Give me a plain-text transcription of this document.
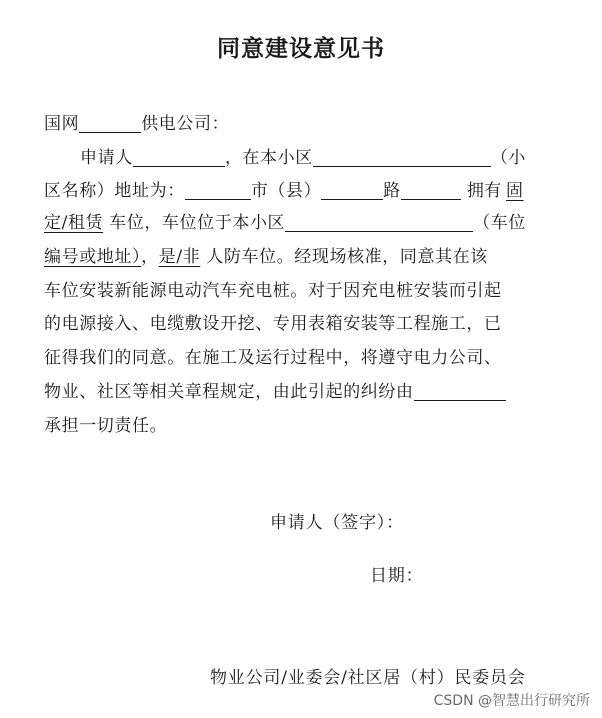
同意建设意见书
国网	供电公司：
申请人	，在本小区	（小
区名称）地址为：	市（县）	路	拥有 固
定/租赁 车位，车位位于本小区	（车位
编号或地址），是/非 人防车位。经现场核准，同意其在该
车位安装新能源电动汽车充电桩。对于因充电桩安装而引起
的电源接入、电缆敷设开挖、专用表箱安装等工程施工，已
征得我们的同意。在施工及运行过程中，将遵守电力公司、
物业、社区等相关章程规定，由此引起的纠纷由
承担一切责任。
申请人（签字）：
日期：
物业公司/业委会/社区居（村）民委员会
CSDN @智慧出行研究所
